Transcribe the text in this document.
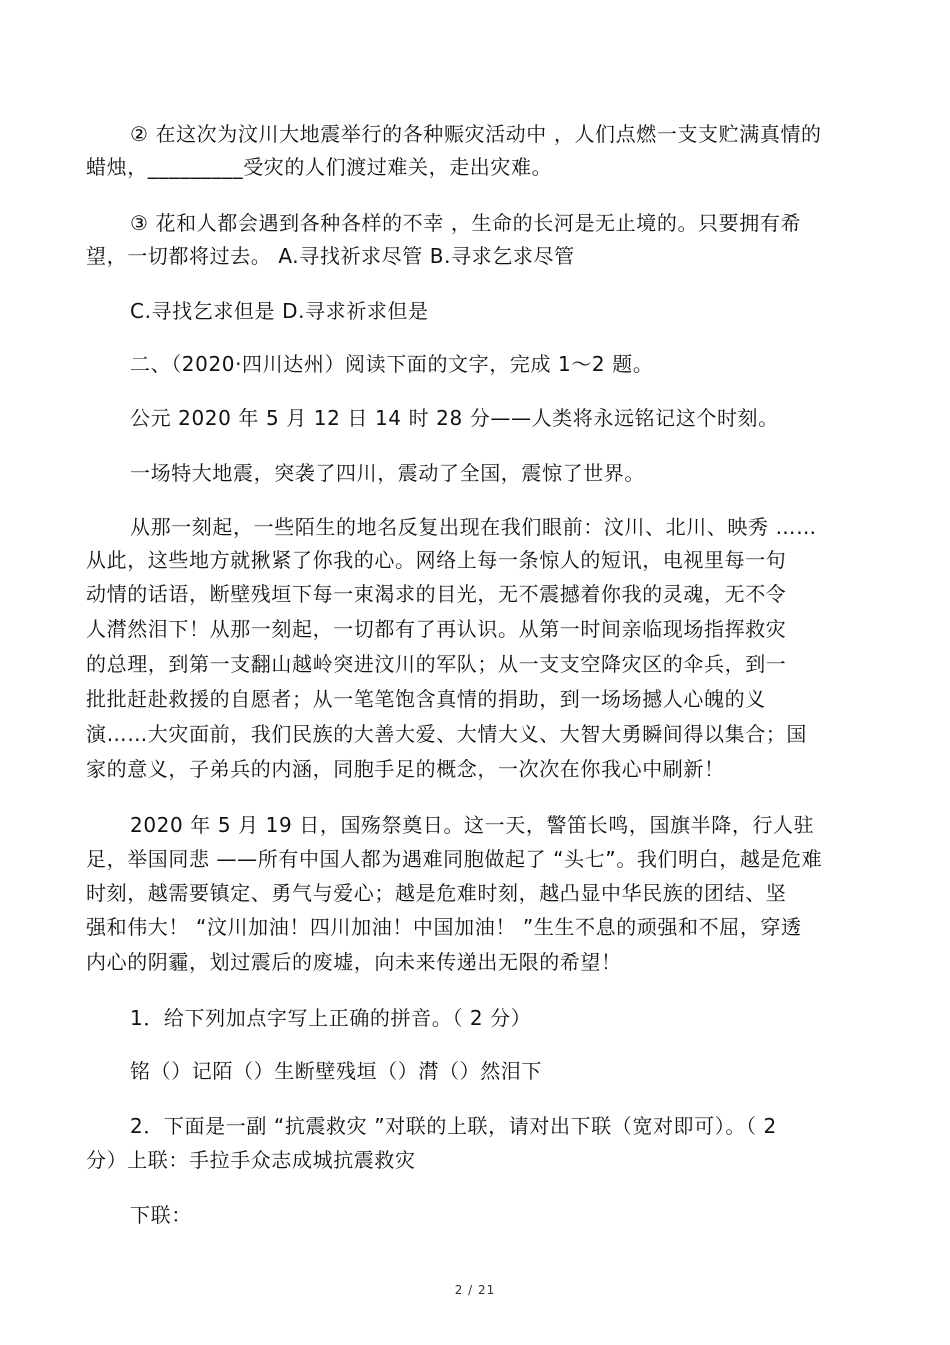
② 在这次为汶川大地震举行的各种赈灾活动中 ，人们点燃一支支贮满真情的
蜡烛，_________受灾的人们渡过难关，走出灾难。
③ 花和人都会遇到各种各样的不幸 ，生命的长河是无止境的。只要拥有希
望，一切都将过去。 A.寻找祈求尽管 B.寻求乞求尽管
C.寻找乞求但是 D.寻求祈求但是
二、（2020·四川达州）阅读下面的文字，完成 1～2 题。
公元 2020 年 5 月 12 日 14 时 28 分——人类将永远铭记这个时刻。
一场特大地震，突袭了四川，震动了全国，震惊了世界。
从那一刻起，一些陌生的地名反复出现在我们眼前：汶川、北川、映秀 ……
从此，这些地方就揪紧了你我的心。网络上每一条惊人的短讯，电视里每一句
动情的话语，断壁残垣下每一束渴求的目光，无不震撼着你我的灵魂，无不令
人潸然泪下！从那一刻起，一切都有了再认识。从第一时间亲临现场指挥救灾
的总理，到第一支翻山越岭突进汶川的军队；从一支支空降灾区的伞兵，到一
批批赶赴救援的自愿者；从一笔笔饱含真情的捐助，到一场场撼人心魄的义
演……大灾面前，我们民族的大善大爱、大情大义、大智大勇瞬间得以集合；国
家的意义，子弟兵的内涵，同胞手足的概念，一次次在你我心中刷新！
2020 年 5 月 19 日，国殇祭奠日。这一天，警笛长鸣，国旗半降，行人驻
足，举国同悲 ——所有中国人都为遇难同胞做起了 “头七”。我们明白，越是危难
时刻，越需要镇定、勇气与爱心；越是危难时刻，越凸显中华民族的团结、坚
强和伟大！ “汶川加油！四川加油！中国加油！ ”生生不息的顽强和不屈，穿透
内心的阴霾，划过震后的废墟，向未来传递出无限的希望！
1．给下列加点字写上正确的拼音。（ 2 分）
铭（）记陌（）生断壁残垣（）潸（）然泪下
2．下面是一副 “抗震救灾 ”对联的上联，请对出下联（宽对即可）。（ 2
分）上联：手拉手众志成城抗震救灾
下联：
2 / 21
